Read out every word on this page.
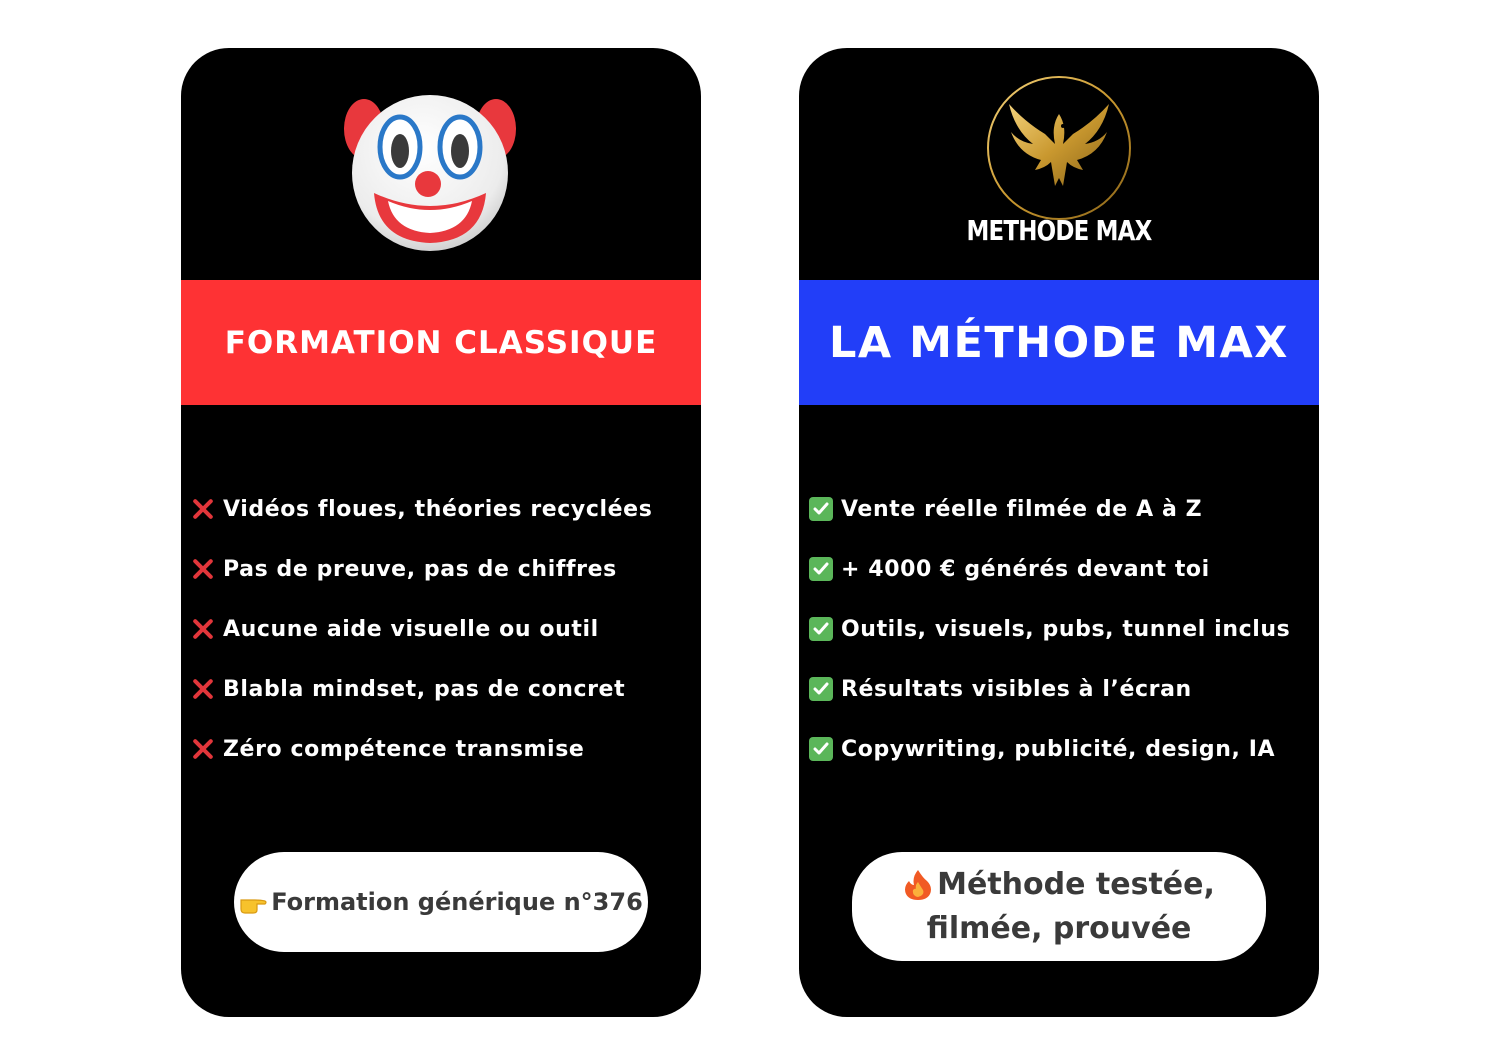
FORMATION CLASSIQUE
Vidéos floues, théories recyclées
Pas de preuve, pas de chiffres
Aucune aide visuelle ou outil
Blabla mindset, pas de concret
Zéro compétence transmise
Formation générique n°376
METHODE MAX
LA MÉTHODE MAX
Vente réelle filmée de A à Z
+ 4000 € générés devant toi
Outils, visuels, pubs, tunnel inclus
Résultats visibles à l’écran
Copywriting, publicité, design, IA
Méthode testée,
filmée, prouvée
